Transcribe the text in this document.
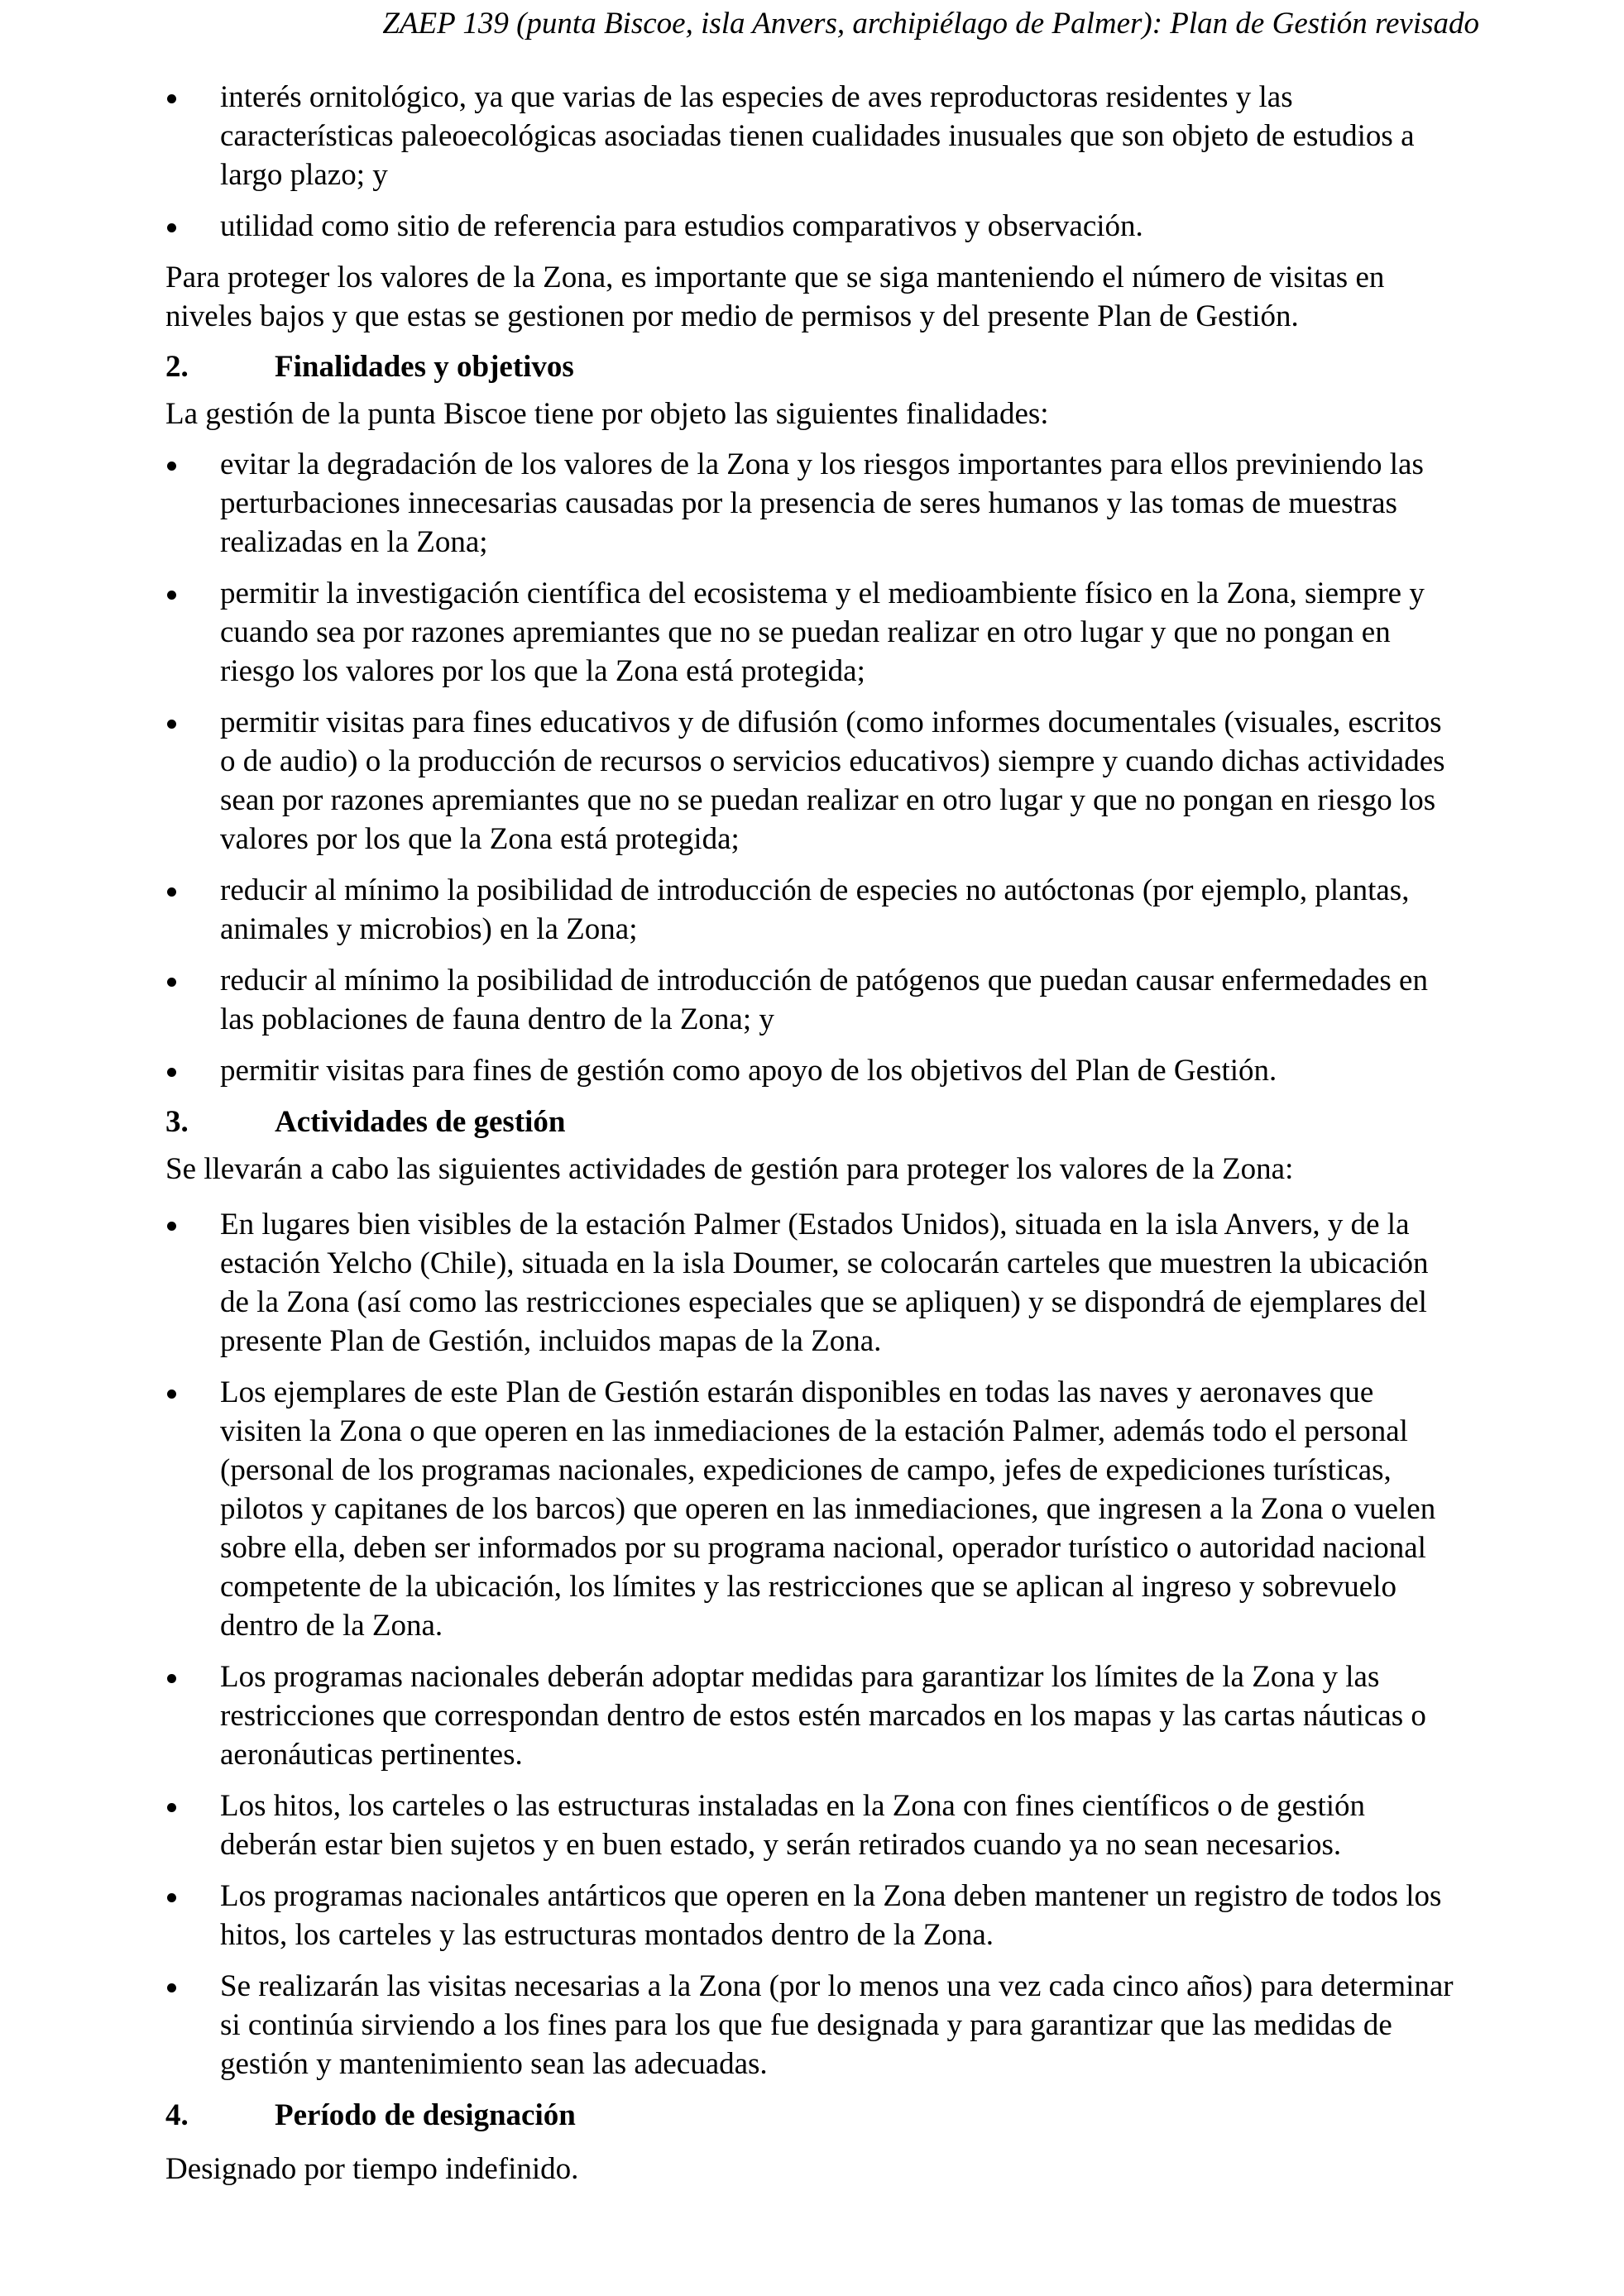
ZAEP 139 (punta Biscoe, isla Anvers, archipiélago de Palmer): Plan de Gestión revisado
interés ornitológico, ya que varias de las especies de aves reproductoras residentes y las características paleoecológicas asociadas tienen cualidades inusuales que son objeto de estudios a largo plazo; y
utilidad como sitio de referencia para estudios comparativos y observación.

Para proteger los valores de la Zona, es importante que se siga manteniendo el número de visitas en niveles bajos y que estas se gestionen por medio de permisos y del presente Plan de Gestión.

2.	Finalidades y objetivos

La gestión de la punta Biscoe tiene por objeto las siguientes finalidades:

evitar la degradación de los valores de la Zona y los riesgos importantes para ellos previniendo las perturbaciones innecesarias causadas por la presencia de seres humanos y las tomas de muestras realizadas en la Zona;
permitir la investigación científica del ecosistema y el medioambiente físico en la Zona, siempre y cuando sea por razones apremiantes que no se puedan realizar en otro lugar y que no pongan en riesgo los valores por los que la Zona está protegida;
permitir visitas para fines educativos y de difusión (como informes documentales (visuales, escritos o de audio) o la producción de recursos o servicios educativos) siempre y cuando dichas actividades sean por razones apremiantes que no se puedan realizar en otro lugar y que no pongan en riesgo los valores por los que la Zona está protegida;
reducir al mínimo la posibilidad de introducción de especies no autóctonas (por ejemplo, plantas, animales y microbios) en la Zona;
reducir al mínimo la posibilidad de introducción de patógenos que puedan causar enfermedades en las poblaciones de fauna dentro de la Zona; y
permitir visitas para fines de gestión como apoyo de los objetivos del Plan de Gestión.
3.	Actividades de gestión

Se llevarán a cabo las siguientes actividades de gestión para proteger los valores de la Zona:

En lugares bien visibles de la estación Palmer (Estados Unidos), situada en la isla Anvers, y de la estación Yelcho (Chile), situada en la isla Doumer, se colocarán carteles que muestren la ubicación de la Zona (así como las restricciones especiales que se apliquen) y se dispondrá de ejemplares del presente Plan de Gestión, incluidos mapas de la Zona.
Los ejemplares de este Plan de Gestión estarán disponibles en todas las naves y aeronaves que visiten la Zona o que operen en las inmediaciones de la estación Palmer, además todo el personal (personal de los programas nacionales, expediciones de campo, jefes de expediciones turísticas, pilotos y capitanes de los barcos) que operen en las inmediaciones, que ingresen a la Zona o vuelen sobre ella, deben ser informados por su programa nacional, operador turístico o autoridad nacional competente de la ubicación, los límites y las restricciones que se aplican al ingreso y sobrevuelo dentro de la Zona.
Los programas nacionales deberán adoptar medidas para garantizar los límites de la Zona y las restricciones que correspondan dentro de estos estén marcados en los mapas y las cartas náuticas o aeronáuticas pertinentes.
Los hitos, los carteles o las estructuras instaladas en la Zona con fines científicos o de gestión deberán estar bien sujetos y en buen estado, y serán retirados cuando ya no sean necesarios.
Los programas nacionales antárticos que operen en la Zona deben mantener un registro de todos los hitos, los carteles y las estructuras montados dentro de la Zona.
Se realizarán las visitas necesarias a la Zona (por lo menos una vez cada cinco años) para determinar si continúa sirviendo a los fines para los que fue designada y para garantizar que las medidas de gestión y mantenimiento sean las adecuadas.
4.	Período de designación

Designado por tiempo indefinido.
